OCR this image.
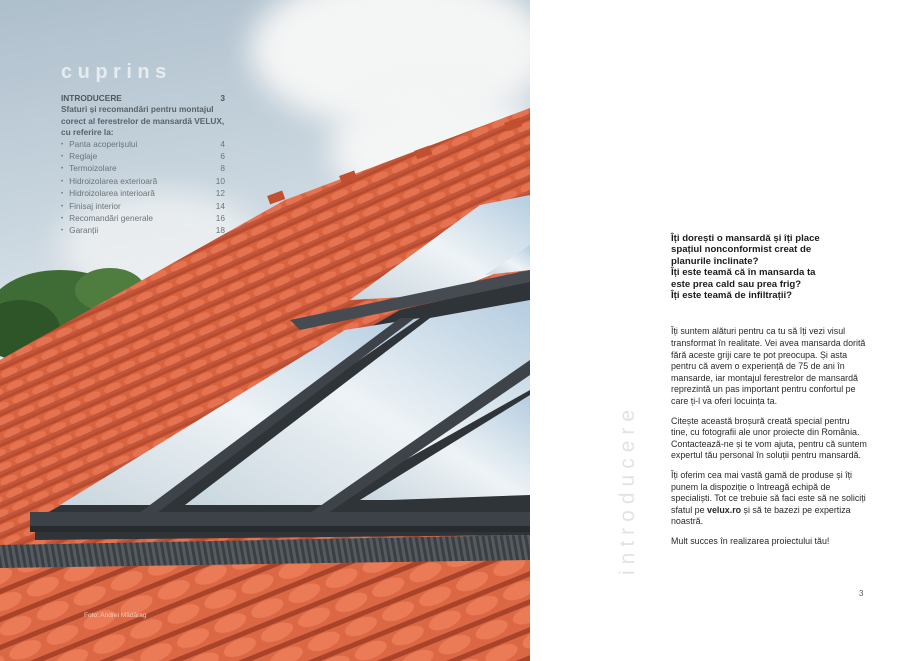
cuprins
INTRODUCERE	3
Sfaturi și recomandări pentru montajul corect al ferestrelor de mansardă VELUX, cu referire la:
• Panta acoperișului	4
• Reglaje	6
• Termoizolare	8
• Hidroizolarea exterioară	10
• Hidroizolarea interioară	12
• Finisaj interior	14
• Recomandări generale	16
• Garanții	18
Foto: Andrei Mădărag
introducere
Îți dorești o mansardă și îți place
spațiul nonconformist creat de
planurile înclinate?
Îți este teamă că în mansarda ta
este prea cald sau prea frig?
Îți este teamă de infiltrații?

Îți suntem alături pentru ca tu să îți vezi visul transformat în realitate. Vei avea mansarda dorită fără aceste griji care te pot preocupa. Și asta pentru că avem o experiență de 75 de ani în mansarde, iar montajul ferestrelor de mansardă reprezintă un pas important pentru confortul pe care ți-l va oferi locuința ta.

Citește această broșură creată special pentru tine, cu fotografii ale unor proiecte din România. Contactează-ne și te vom ajuta, pentru că suntem expertul tău personal în soluții pentru mansardă.

Îți oferim cea mai vastă gamă de produse și îți punem la dispoziție o întreagă echipă de specialiști. Tot ce trebuie să faci este să ne soliciți sfatul pe velux.ro și să te bazezi pe expertiza noastră.

Mult succes în realizarea proiectului tău!

3
